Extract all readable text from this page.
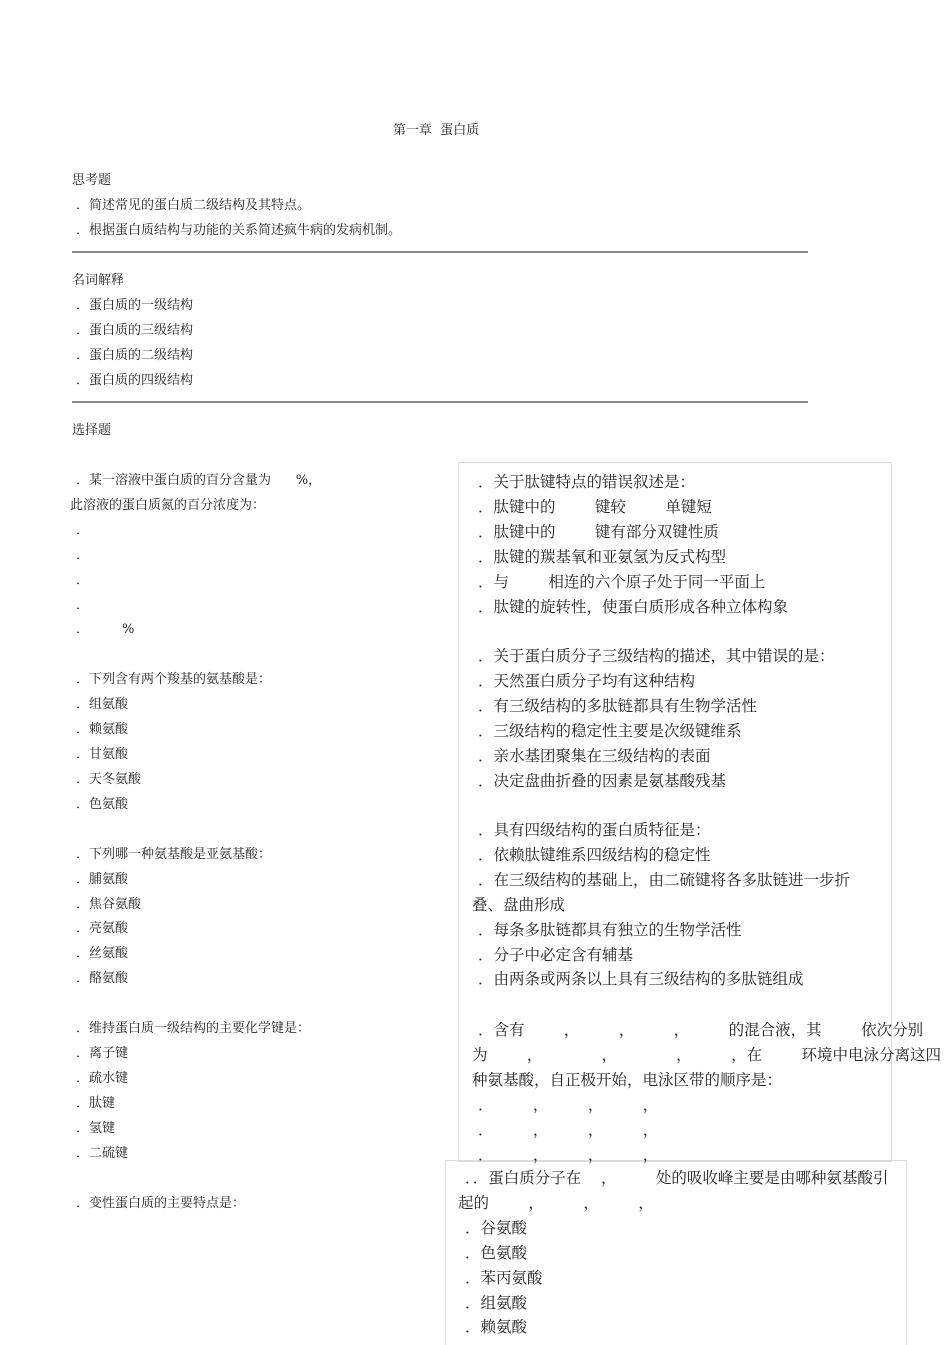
第一章  蛋白质
思考题
．简述常见的蛋白质二级结构及其特点。
．根据蛋白质结构与功能的关系简述疯牛病的发病机制。
名词解释
．蛋白质的一级结构
．蛋白质的三级结构
．蛋白质的二级结构
．蛋白质的四级结构
选择题
．某一溶液中蛋白质的百分含量为      %，
此溶液的蛋白质氮的百分浓度为：
．
．
．
．
．        %
．下列含有两个羧基的氨基酸是：
．组氨酸
．赖氨酸
．甘氨酸
．天冬氨酸
．色氨酸
．下列哪一种氨基酸是亚氨基酸：
．脯氨酸
．焦谷氨酸
．亮氨酸
．丝氨酸
．酪氨酸
．维持蛋白质一级结构的主要化学键是：
．离子键
．疏水键
．肽键
．氢键
．二硫键
．变性蛋白质的主要特点是：
．关于肽键特点的错误叙述是：
．肽键中的        键较        单键短
．肽键中的        键有部分双键性质
．肽键的羰基氧和亚氨氢为反式构型
．与        相连的六个原子处于同一平面上
．肽键的旋转性，使蛋白质形成各种立体构象
．关于蛋白质分子三级结构的描述，其中错误的是：
．天然蛋白质分子均有这种结构
．有三级结构的多肽链都具有生物学活性
．三级结构的稳定性主要是次级键维系
．亲水基团聚集在三级结构的表面
．决定盘曲折叠的因素是氨基酸残基
．具有四级结构的蛋白质特征是：
．依赖肽键维系四级结构的稳定性
．在三级结构的基础上，由二硫键将各多肽链进一步折
叠、盘曲形成
．每条多肽链都具有独立的生物学活性
．分子中必定含有辅基
．由两条或两条以上具有三级结构的多肽链组成
．含有        ，        ，        ，        的混合液，其        依次分别
为        ，            ，            ，        ，在        环境中电泳分离这四
种氨基酸，自正极开始，电泳区带的顺序是：
．        ，        ，        ，
．        ，        ，        ，
．        ，        ，        ，
．．蛋白质分子在    ，        处的吸收峰主要是由哪种氨基酸引
起的        ，        ，        ，
．谷氨酸
．色氨酸
．苯丙氨酸
．组氨酸
．赖氨酸
